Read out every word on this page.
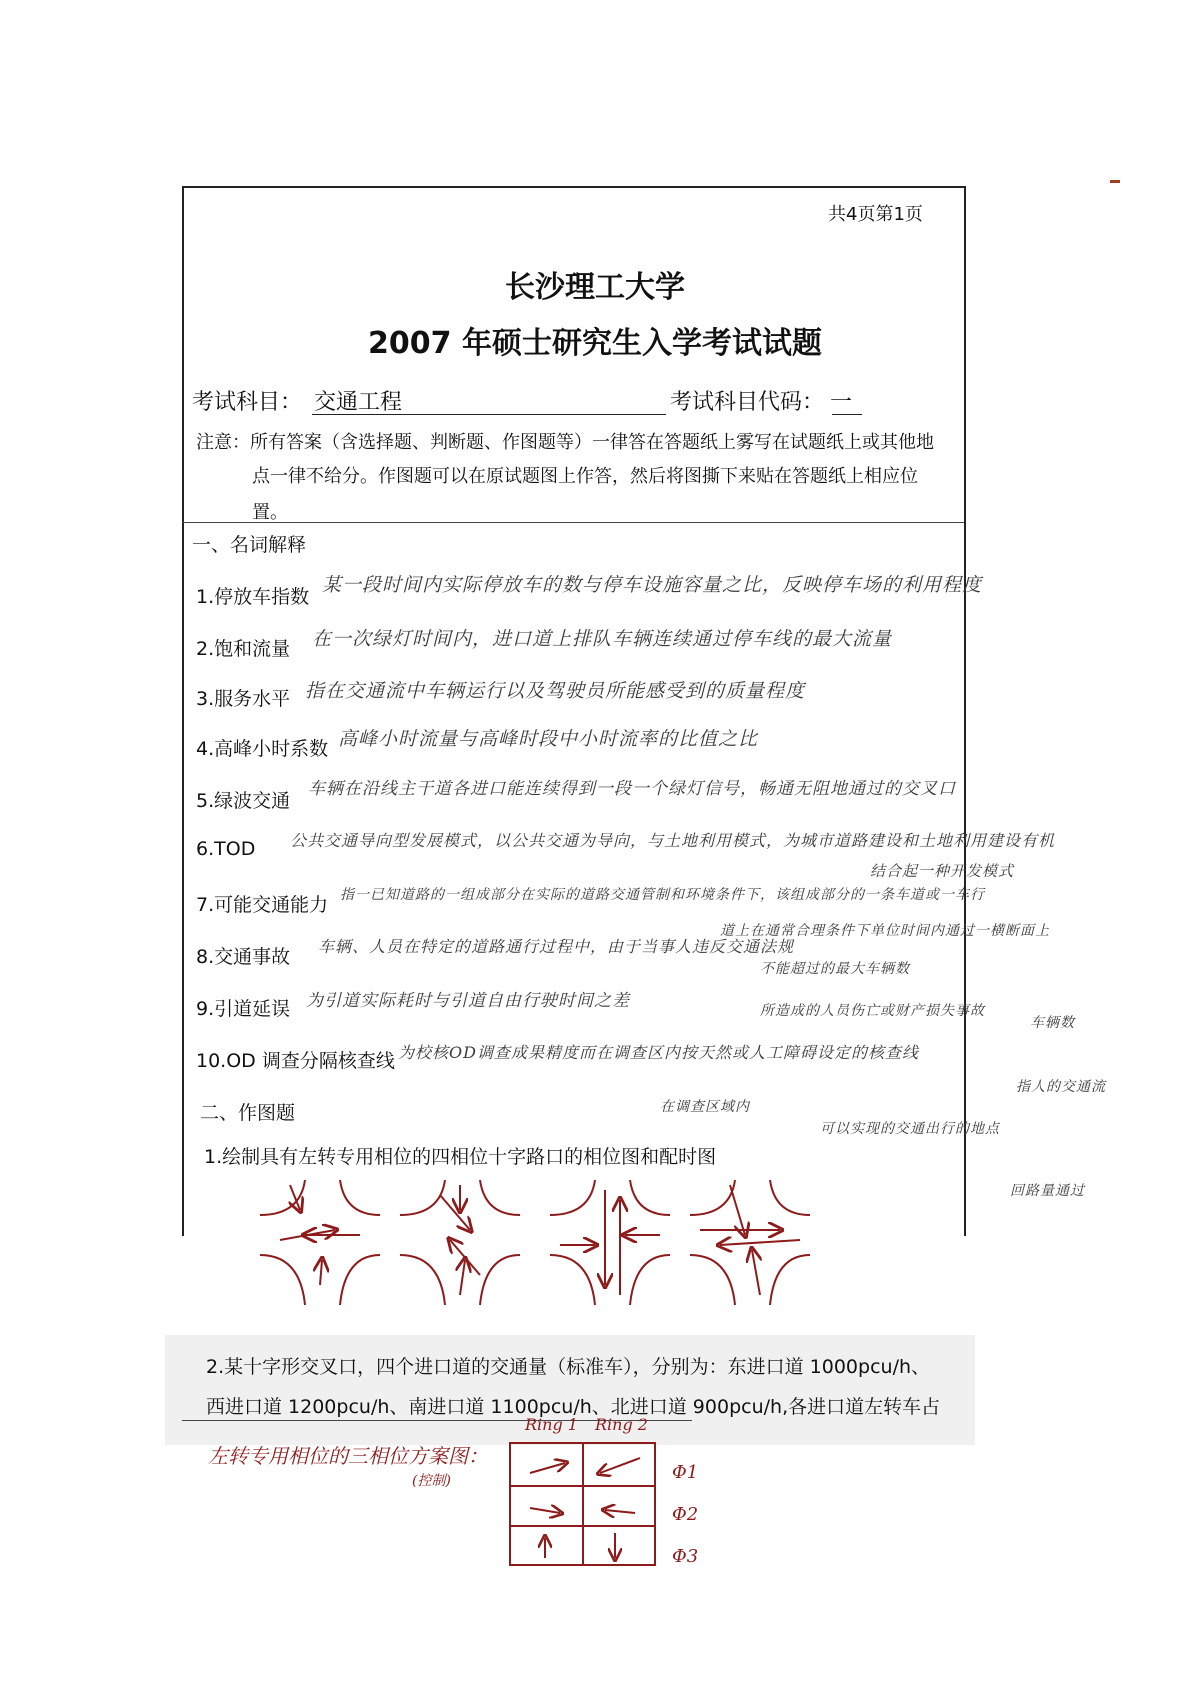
共4页第1页
长沙理工大学
2007 年硕士研究生入学考试试题
考试科目： 交通工程	考试科目代码： 一
注意：所有答案（含选择题、判断题、作图题等）一律答在答题纸上雾写在试题纸上或其他地
点一律不给分。作图题可以在原试题图上作答，然后将图撕下来贴在答题纸上相应位
置。
一、名词解释
1.停放车指数
某一段时间内实际停放车的数与停车设施容量之比，反映停车场的利用程度
2.饱和流量 在一次绿灯时间内，进口道上排队车辆连续通过停车线的最大流量
3.服务水平 指在交通流中车辆运行以及驾驶员所能感受到的质量程度
4.高峰小时系数 高峰小时流量与高峰时段中小时流率的比值之比
5.绿波交通
车辆在沿线主干道各进口能连续得到一段一个绿灯信号，畅通无阻地通过的交叉口
6.TOD 公共交通导向型发展模式，以公共交通为导向，与土地利用模式，为城市道路建设和土地利用建设有机
7.可能交通能力 指一已知道路的一组成部分在实际的道路交通管制和环境条件下，该组成部分的一条车道或一车行
8.交通事故 车辆、人员在特定的道路通行过程中，由于当事人违反交通法规
9.引道延误 为引道实际耗时与引道自由行驶时间之差
10.OD 调查分隔核查线 为校核OD调查成果精度而在调查区内按天然或人工障碍设定的核查线
结合起一种开发模式
道上在通常合理条件下单位时间内通过一横断面上
不能超过的最大车辆数
所造成的人员伤亡或财产损失事故
车辆数
指人的交通流
可以实现的交通出行的地点
在调查区域内
回路量通过
二、作图题
1.绘制具有左转专用相位的四相位十字路口的相位图和配时图
2.某十字形交叉口，四个进口道的交通量（标准车），分别为：东进口道 1000pcu/h、
西进口道 1200pcu/h、南进口道 1100pcu/h、北进口道 900pcu/h,各进口道左转车占
左转专用相位的三相位方案图：
(控制)
Ring 1 Ring 2
Φ1
Φ2
Φ3
